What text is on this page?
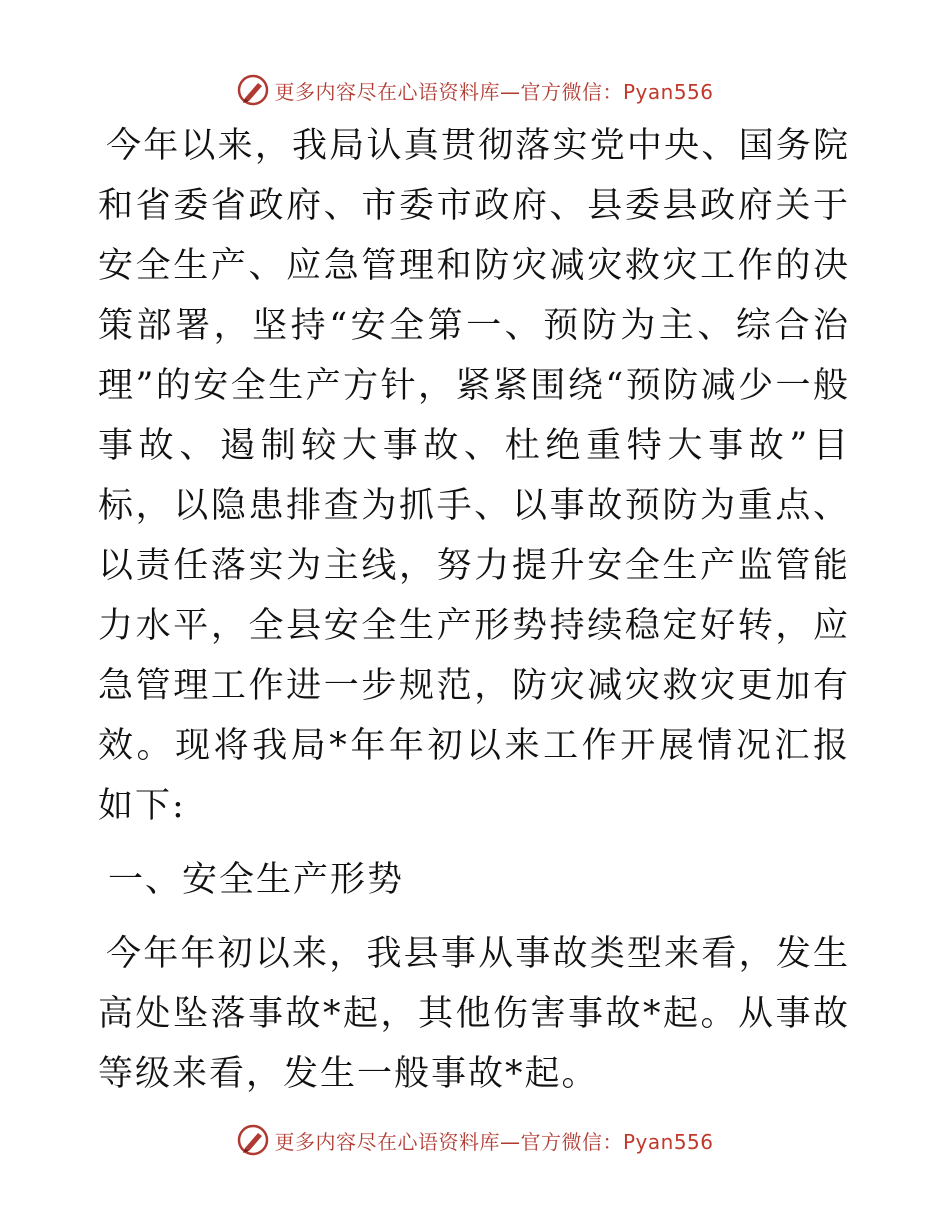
更多内容尽在心语资料库—官方微信：Pyan556

今年以来，我局认真贯彻落实党中央、国务院和省委省政府、市委市政府、县委县政府关于安全生产、应急管理和防灾减灾救灾工作的决策部署，坚持“安全第一、预防为主、综合治理”的安全生产方针，紧紧围绕“预防减少一般事故、遏制较大事故、杜绝重特大事故”目标，以隐患排查为抓手、以事故预防为重点、以责任落实为主线，努力提升安全生产监管能力水平，全县安全生产形势持续稳定好转，应急管理工作进一步规范，防灾减灾救灾更加有效。现将我局*年年初以来工作开展情况汇报如下:

一、安全生产形势

今年年初以来，我县事从事故类型来看，发生高处坠落事故*起，其他伤害事故*起。从事故等级来看，发生一般事故*起。

更多内容尽在心语资料库—官方微信：Pyan556
